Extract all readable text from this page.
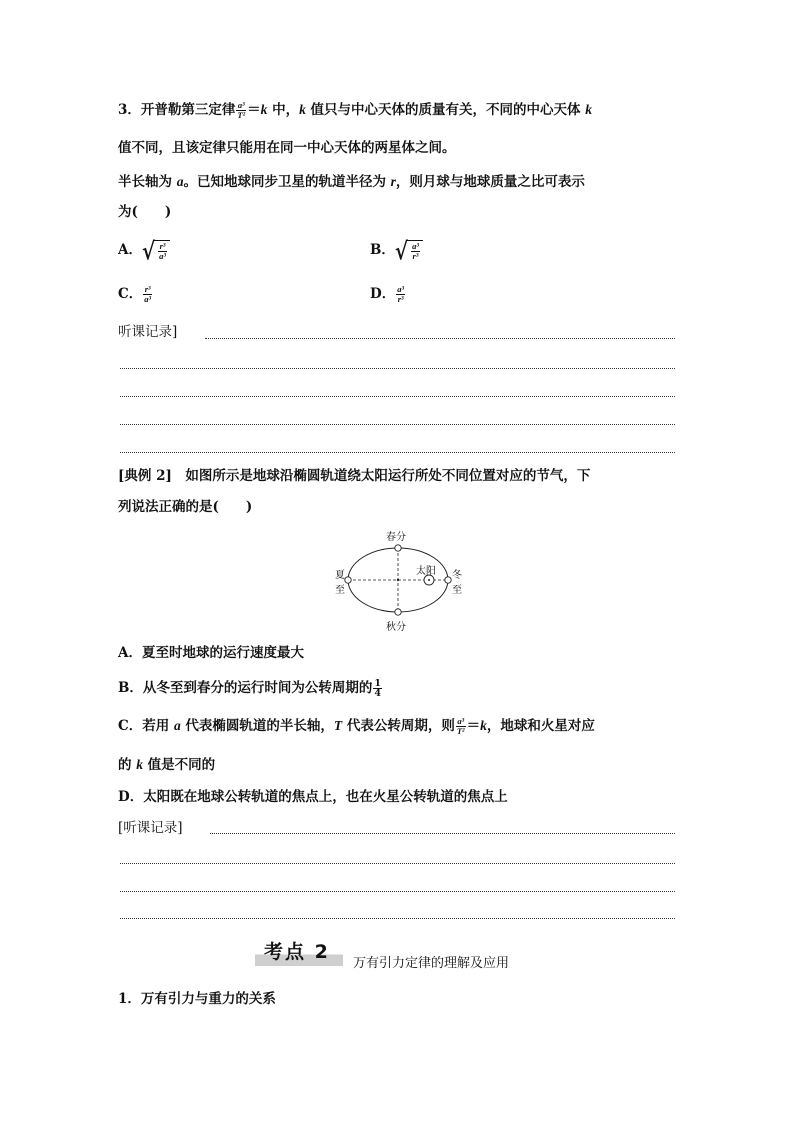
3．开普勒第三定律 $\frac{\text{a³}}{\text{T²}} =k$ 中，k 值只与中心天体的质量有关，不同的中心天体 k
值不同，且该定律只能用在同一中心天体的两星体之间。
半长轴为 a。已知地球同步卫星的轨道半径为 r，则月球与地球质量之比可表示
为(　　)
A． √ $\frac{\text{r³}}{\text{a³}}$	B． √ $\frac{\text{a³}}{\text{r³}}$
C． $\frac{\text{r³}}{\text{a³}}$	D． $\frac{\text{a³}}{\text{r³}}$
听课记录]
[典例 2]　如图所示是地球沿椭圆轨道绕太阳运行所处不同位置对应的节气，下
列说法正确的是(　　)
春分
秋分
夏
至
冬
至
太阳
A．夏至时地球的运行速度最大
B．从冬至到春分的运行时间为公转周期的 $\frac{1}{4}$
C．若用 a 代表椭圆轨道的半长轴，T 代表公转周期，则 $\frac{\text{a³}}{\text{T²}} =k$，地球和火星对应
的 k 值是不同的
D．太阳既在地球公转轨道的焦点上，也在火星公转轨道的焦点上
[听课记录]
考点 2
万有引力定律的理解及应用
1．万有引力与重力的关系
